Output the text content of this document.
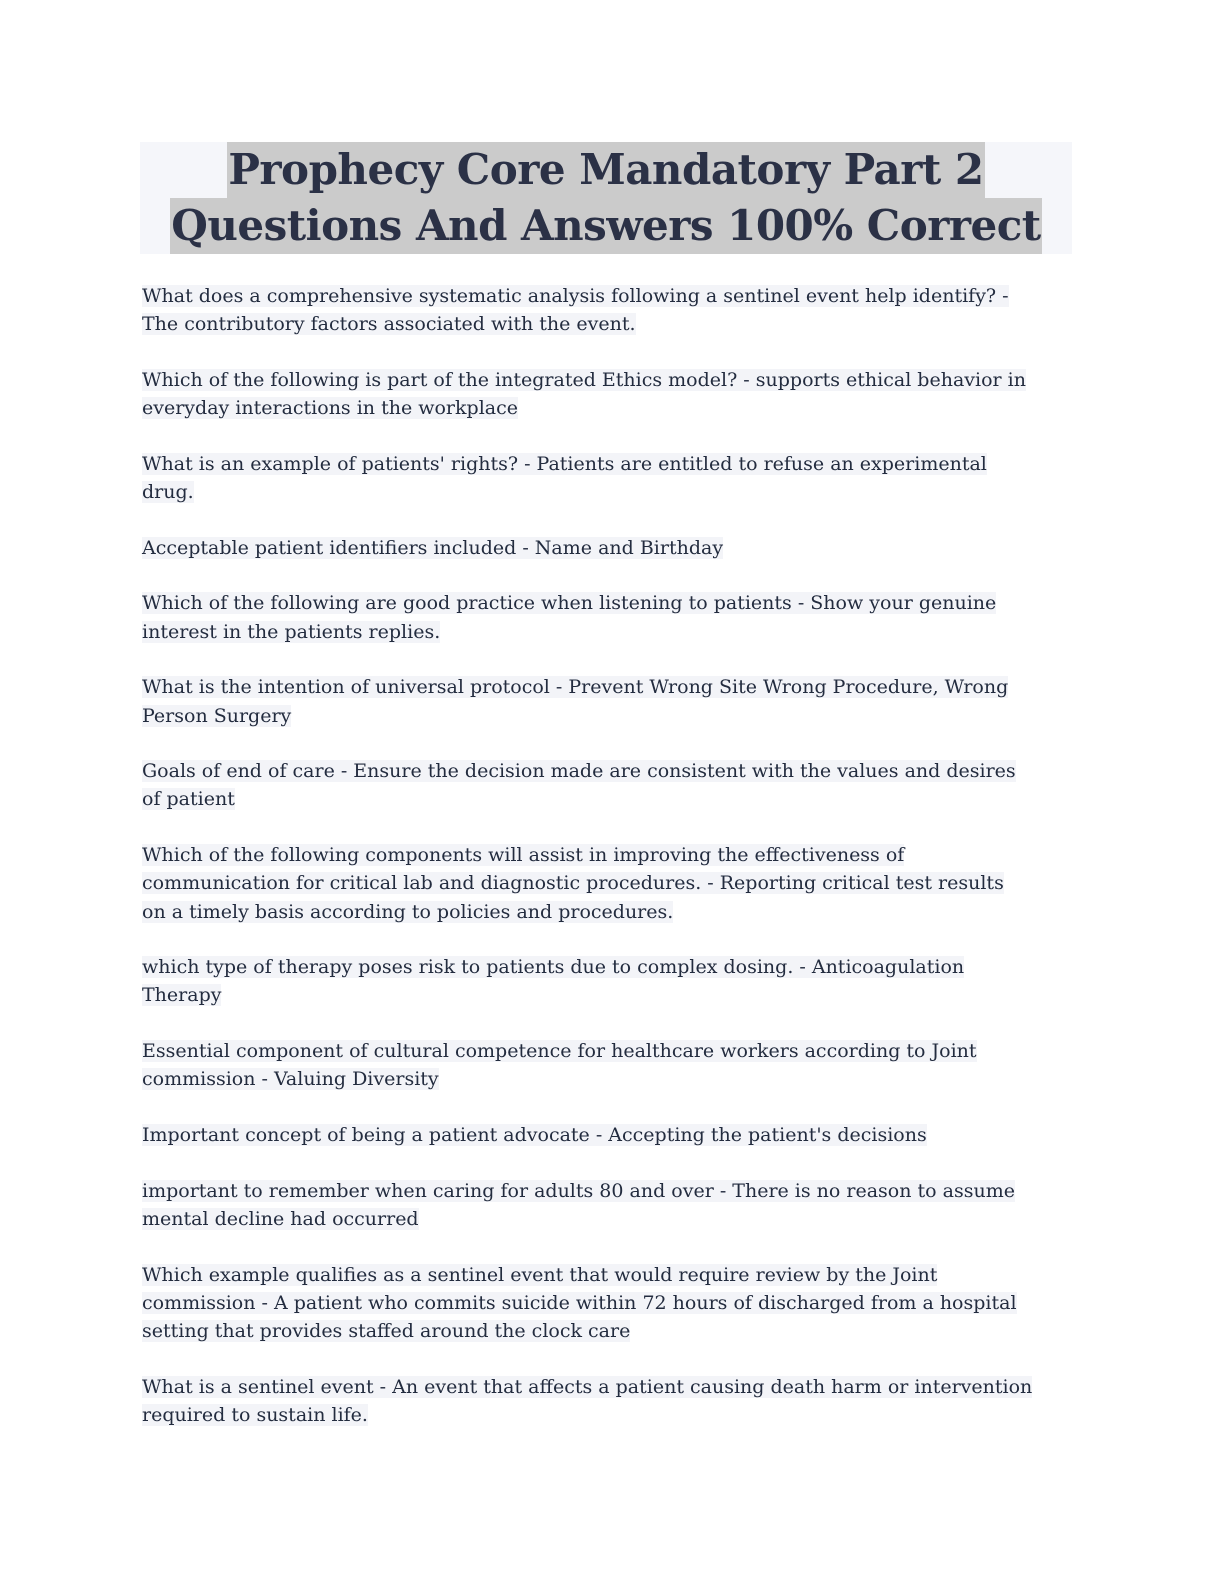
Prophecy Core Mandatory Part 2
Questions And Answers 100% Correct

What does a comprehensive systematic analysis following a sentinel event help identify? -
The contributory factors associated with the event.

Which of the following is part of the integrated Ethics model? - supports ethical behavior in
everyday interactions in the workplace

What is an example of patients' rights? - Patients are entitled to refuse an experimental
drug.

Acceptable patient identifiers included - Name and Birthday

Which of the following are good practice when listening to patients - Show your genuine
interest in the patients replies.

What is the intention of universal protocol - Prevent Wrong Site Wrong Procedure, Wrong
Person Surgery

Goals of end of care - Ensure the decision made are consistent with the values and desires
of patient

Which of the following components will assist in improving the effectiveness of
communication for critical lab and diagnostic procedures. - Reporting critical test results
on a timely basis according to policies and procedures.

which type of therapy poses risk to patients due to complex dosing. - Anticoagulation
Therapy

Essential component of cultural competence for healthcare workers according to Joint
commission - Valuing Diversity

Important concept of being a patient advocate - Accepting the patient's decisions

important to remember when caring for adults 80 and over - There is no reason to assume
mental decline had occurred

Which example qualifies as a sentinel event that would require review by the Joint
commission - A patient who commits suicide within 72 hours of discharged from a hospital
setting that provides staffed around the clock care

What is a sentinel event - An event that affects a patient causing death harm or intervention
required to sustain life.
